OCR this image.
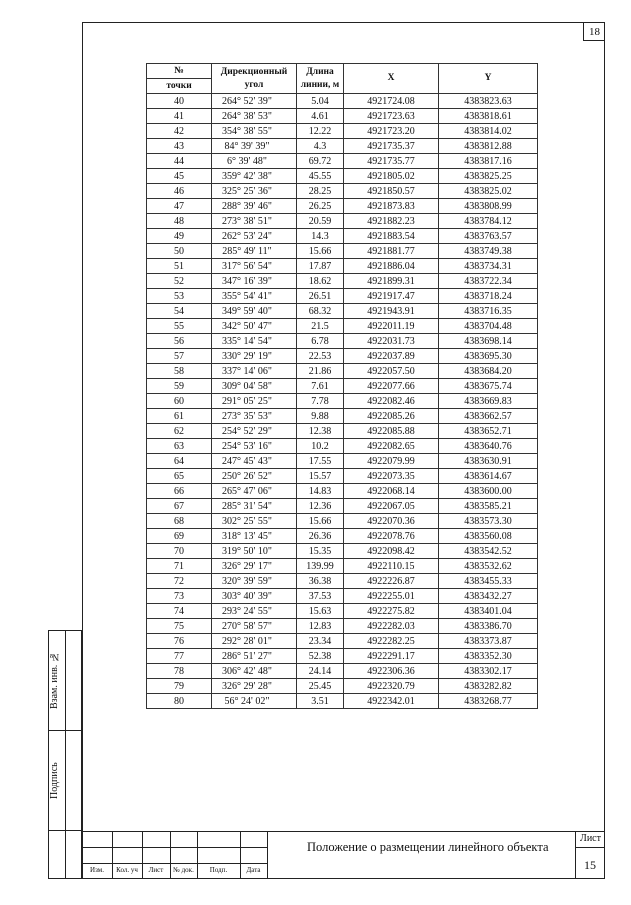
18
№	Дирекционный угол	Длина линии, м	X	Y
точки				
40	264° 52' 39"	5.04	4921724.08	4383823.63
41	264° 38' 53"	4.61	4921723.63	4383818.61
42	354° 38' 55"	12.22	4921723.20	4383814.02
43	84° 39' 39"	4.3	4921735.37	4383812.88
44	6° 39' 48"	69.72	4921735.77	4383817.16
45	359° 42' 38"	45.55	4921805.02	4383825.25
46	325° 25' 36"	28.25	4921850.57	4383825.02
47	288° 39' 46"	26.25	4921873.83	4383808.99
48	273° 38' 51"	20.59	4921882.23	4383784.12
49	262° 53' 24"	14.3	4921883.54	4383763.57
50	285° 49' 11"	15.66	4921881.77	4383749.38
51	317° 56' 54"	17.87	4921886.04	4383734.31
52	347° 16' 39"	18.62	4921899.31	4383722.34
53	355° 54' 41"	26.51	4921917.47	4383718.24
54	349° 59' 40"	68.32	4921943.91	4383716.35
55	342° 50' 47"	21.5	4922011.19	4383704.48
56	335° 14' 54"	6.78	4922031.73	4383698.14
57	330° 29' 19"	22.53	4922037.89	4383695.30
58	337° 14' 06"	21.86	4922057.50	4383684.20
59	309° 04' 58"	7.61	4922077.66	4383675.74
60	291° 05' 25"	7.78	4922082.46	4383669.83
61	273° 35' 53"	9.88	4922085.26	4383662.57
62	254° 52' 29"	12.38	4922085.88	4383652.71
63	254° 53' 16"	10.2	4922082.65	4383640.76
64	247° 45' 43"	17.55	4922079.99	4383630.91
65	250° 26' 52"	15.57	4922073.35	4383614.67
66	265° 47' 06"	14.83	4922068.14	4383600.00
67	285° 31' 54"	12.36	4922067.05	4383585.21
68	302° 25' 55"	15.66	4922070.36	4383573.30
69	318° 13' 45"	26.36	4922078.76	4383560.08
70	319° 50' 10"	15.35	4922098.42	4383542.52
71	326° 29' 17"	139.99	4922110.15	4383532.62
72	320° 39' 59"	36.38	4922226.87	4383455.33
73	303° 40' 39"	37.53	4922255.01	4383432.27
74	293° 24' 55"	15.63	4922275.82	4383401.04
75	270° 58' 57"	12.83	4922282.03	4383386.70
76	292° 28' 01"	23.34	4922282.25	4383373.87
77	286° 51' 27"	52.38	4922291.17	4383352.30
78	306° 42' 48"	24.14	4922306.36	4383302.17
79	326° 29' 28"	25.45	4922320.79	4383282.82
80	56° 24' 02"	3.51	4922342.01	4383268.77
Взам. инв. №
Подпись
Изм.	Кол. уч	Лист	№ док.	Подп.	Дата
Положение о размещении линейного объекта
Лист
15
